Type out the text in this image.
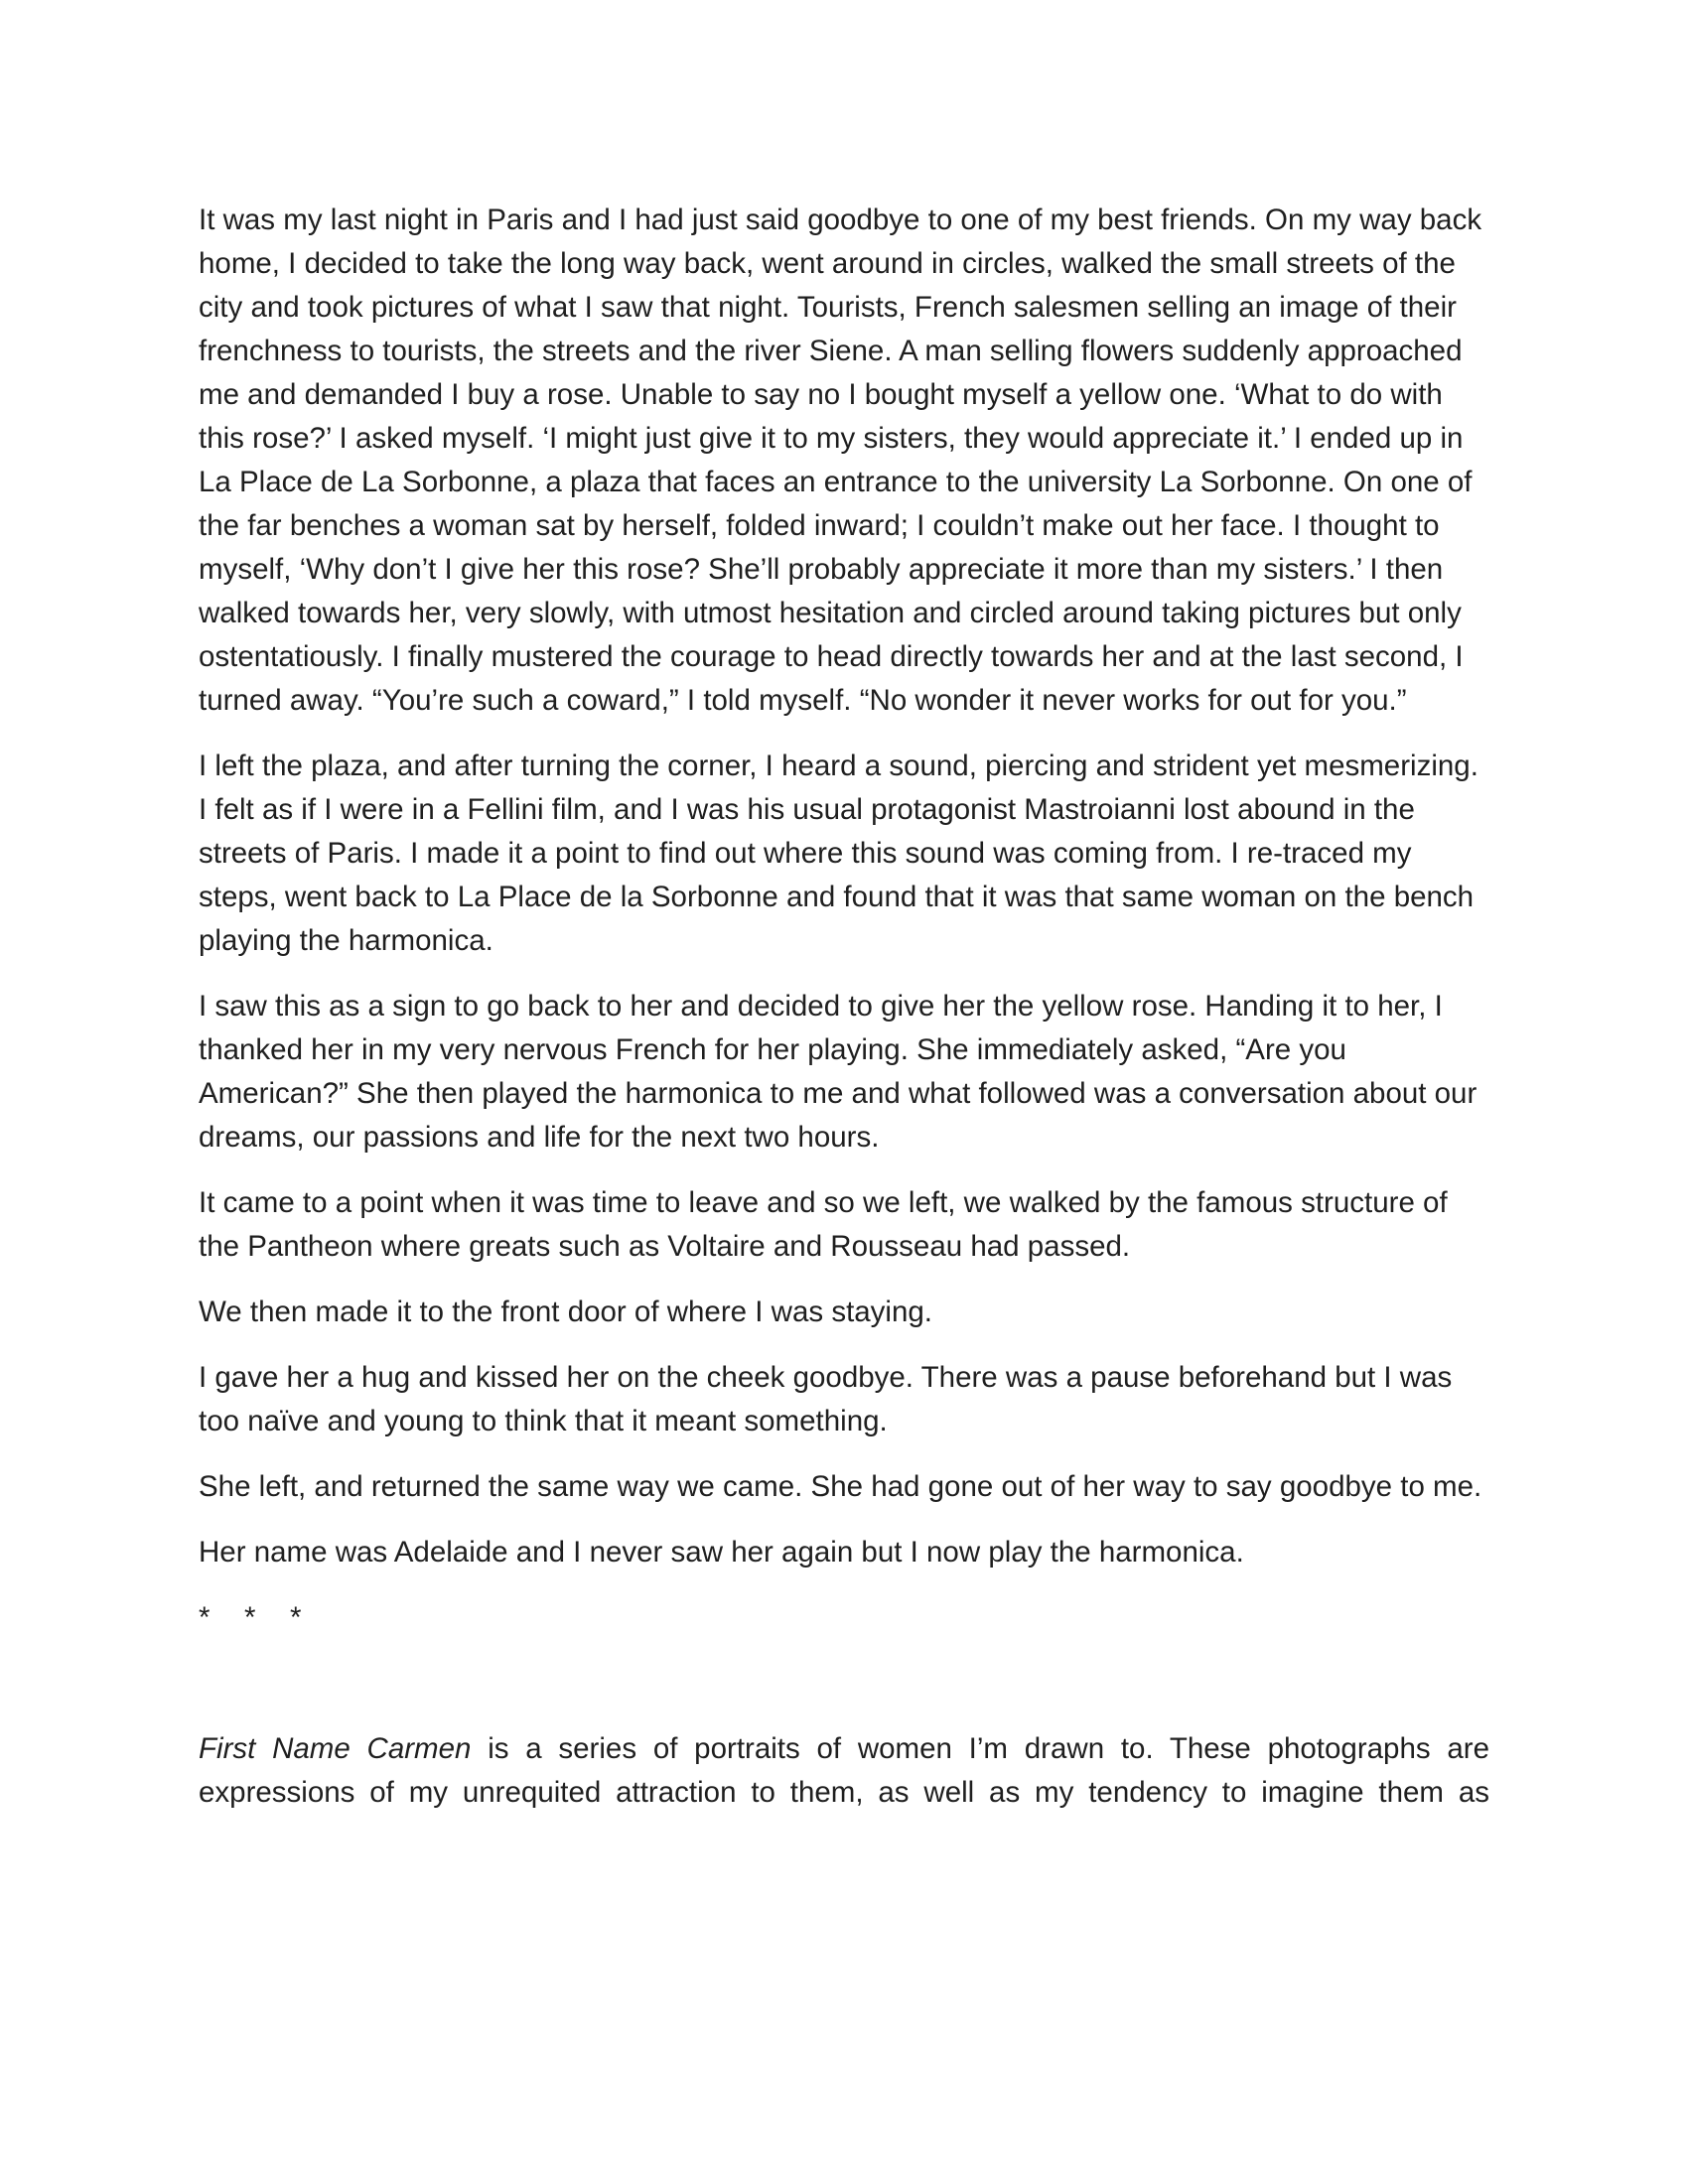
It was my last night in Paris and I had just said goodbye to one of my best friends. On my way back home, I decided to take the long way back, went around in circles, walked the small streets of the city and took pictures of what I saw that night. Tourists, French salesmen selling an image of their frenchness to tourists, the streets and the river Siene. A man selling flowers suddenly approached me and demanded I buy a rose. Unable to say no I bought myself a yellow one. ‘What to do with this rose?’ I asked myself. ‘I might just give it to my sisters, they would appreciate it.’ I ended up in La Place de La Sorbonne, a plaza that faces an entrance to the university La Sorbonne. On one of the far benches a woman sat by herself, folded inward; I couldn’t make out her face. I thought to myself, ‘Why don’t I give her this rose? She’ll probably appreciate it more than my sisters.’ I then walked towards her, very slowly, with utmost hesitation and circled around taking pictures but only ostentatiously. I finally mustered the courage to head directly towards her and at the last second, I turned away. “You’re such a coward,” I told myself. “No wonder it never works for out for you.”

I left the plaza, and after turning the corner, I heard a sound, piercing and strident yet mesmerizing. I felt as if I were in a Fellini film, and I was his usual protagonist Mastroianni lost abound in the streets of Paris. I made it a point to find out where this sound was coming from. I re-traced my steps, went back to La Place de la Sorbonne and found that it was that same woman on the bench playing the harmonica.

I saw this as a sign to go back to her and decided to give her the yellow rose. Handing it to her, I thanked her in my very nervous French for her playing. She immediately asked, “Are you American?” She then played the harmonica to me and what followed was a conversation about our dreams, our passions and life for the next two hours.

It came to a point when it was time to leave and so we left, we walked by the famous structure of the Pantheon where greats such as Voltaire and Rousseau had passed.

We then made it to the front door of where I was staying.

I gave her a hug and kissed her on the cheek goodbye. There was a pause beforehand but I was too naïve and young to think that it meant something.

She left, and returned the same way we came. She had gone out of her way to say goodbye to me.

Her name was Adelaide and I never saw her again but I now play the harmonica.

* * *

First Name Carmen is a series of portraits of women I’m drawn to. These photographs are

expressions of my unrequited attraction to them, as well as my tendency to imagine them as
